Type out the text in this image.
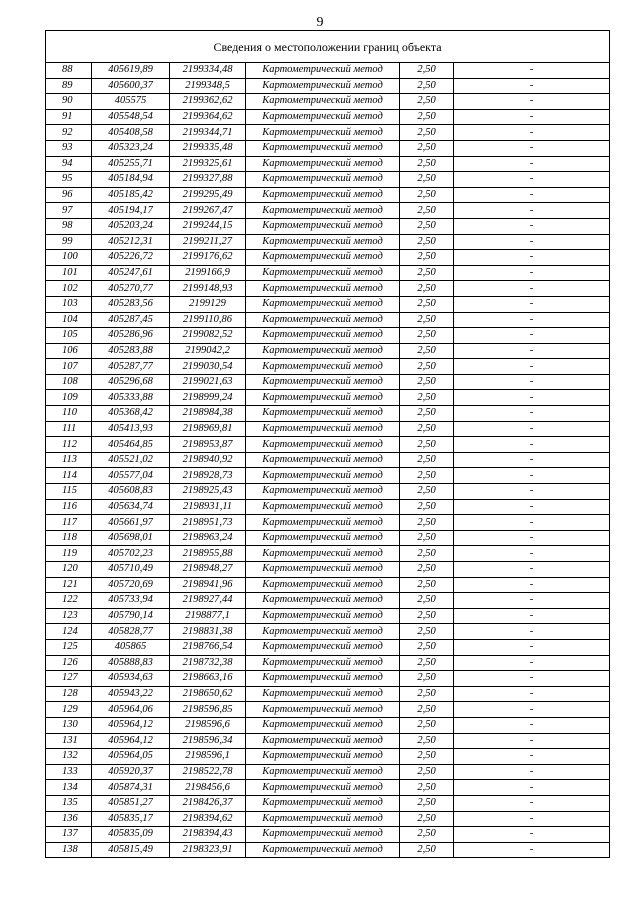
9
Сведения о местоположении границ объекта					
88	405619,89	2199334,48	Картометрический метод	2,50	-
89	405600,37	2199348,5	Картометрический метод	2,50	-
90	405575	2199362,62	Картометрический метод	2,50	-
91	405548,54	2199364,62	Картометрический метод	2,50	-
92	405408,58	2199344,71	Картометрический метод	2,50	-
93	405323,24	2199335,48	Картометрический метод	2,50	-
94	405255,71	2199325,61	Картометрический метод	2,50	-
95	405184,94	2199327,88	Картометрический метод	2,50	-
96	405185,42	2199295,49	Картометрический метод	2,50	-
97	405194,17	2199267,47	Картометрический метод	2,50	-
98	405203,24	2199244,15	Картометрический метод	2,50	-
99	405212,31	2199211,27	Картометрический метод	2,50	-
100	405226,72	2199176,62	Картометрический метод	2,50	-
101	405247,61	2199166,9	Картометрический метод	2,50	-
102	405270,77	2199148,93	Картометрический метод	2,50	-
103	405283,56	2199129	Картометрический метод	2,50	-
104	405287,45	2199110,86	Картометрический метод	2,50	-
105	405286,96	2199082,52	Картометрический метод	2,50	-
106	405283,88	2199042,2	Картометрический метод	2,50	-
107	405287,77	2199030,54	Картометрический метод	2,50	-
108	405296,68	2199021,63	Картометрический метод	2,50	-
109	405333,88	2198999,24	Картометрический метод	2,50	-
110	405368,42	2198984,38	Картометрический метод	2,50	-
111	405413,93	2198969,81	Картометрический метод	2,50	-
112	405464,85	2198953,87	Картометрический метод	2,50	-
113	405521,02	2198940,92	Картометрический метод	2,50	-
114	405577,04	2198928,73	Картометрический метод	2,50	-
115	405608,83	2198925,43	Картометрический метод	2,50	-
116	405634,74	2198931,11	Картометрический метод	2,50	-
117	405661,97	2198951,73	Картометрический метод	2,50	-
118	405698,01	2198963,24	Картометрический метод	2,50	-
119	405702,23	2198955,88	Картометрический метод	2,50	-
120	405710,49	2198948,27	Картометрический метод	2,50	-
121	405720,69	2198941,96	Картометрический метод	2,50	-
122	405733,94	2198927,44	Картометрический метод	2,50	-
123	405790,14	2198877,1	Картометрический метод	2,50	-
124	405828,77	2198831,38	Картометрический метод	2,50	-
125	405865	2198766,54	Картометрический метод	2,50	-
126	405888,83	2198732,38	Картометрический метод	2,50	-
127	405934,63	2198663,16	Картометрический метод	2,50	-
128	405943,22	2198650,62	Картометрический метод	2,50	-
129	405964,06	2198596,85	Картометрический метод	2,50	-
130	405964,12	2198596,6	Картометрический метод	2,50	-
131	405964,12	2198596,34	Картометрический метод	2,50	-
132	405964,05	2198596,1	Картометрический метод	2,50	-
133	405920,37	2198522,78	Картометрический метод	2,50	-
134	405874,31	2198456,6	Картометрический метод	2,50	-
135	405851,27	2198426,37	Картометрический метод	2,50	-
136	405835,17	2198394,62	Картометрический метод	2,50	-
137	405835,09	2198394,43	Картометрический метод	2,50	-
138	405815,49	2198323,91	Картометрический метод	2,50	-
